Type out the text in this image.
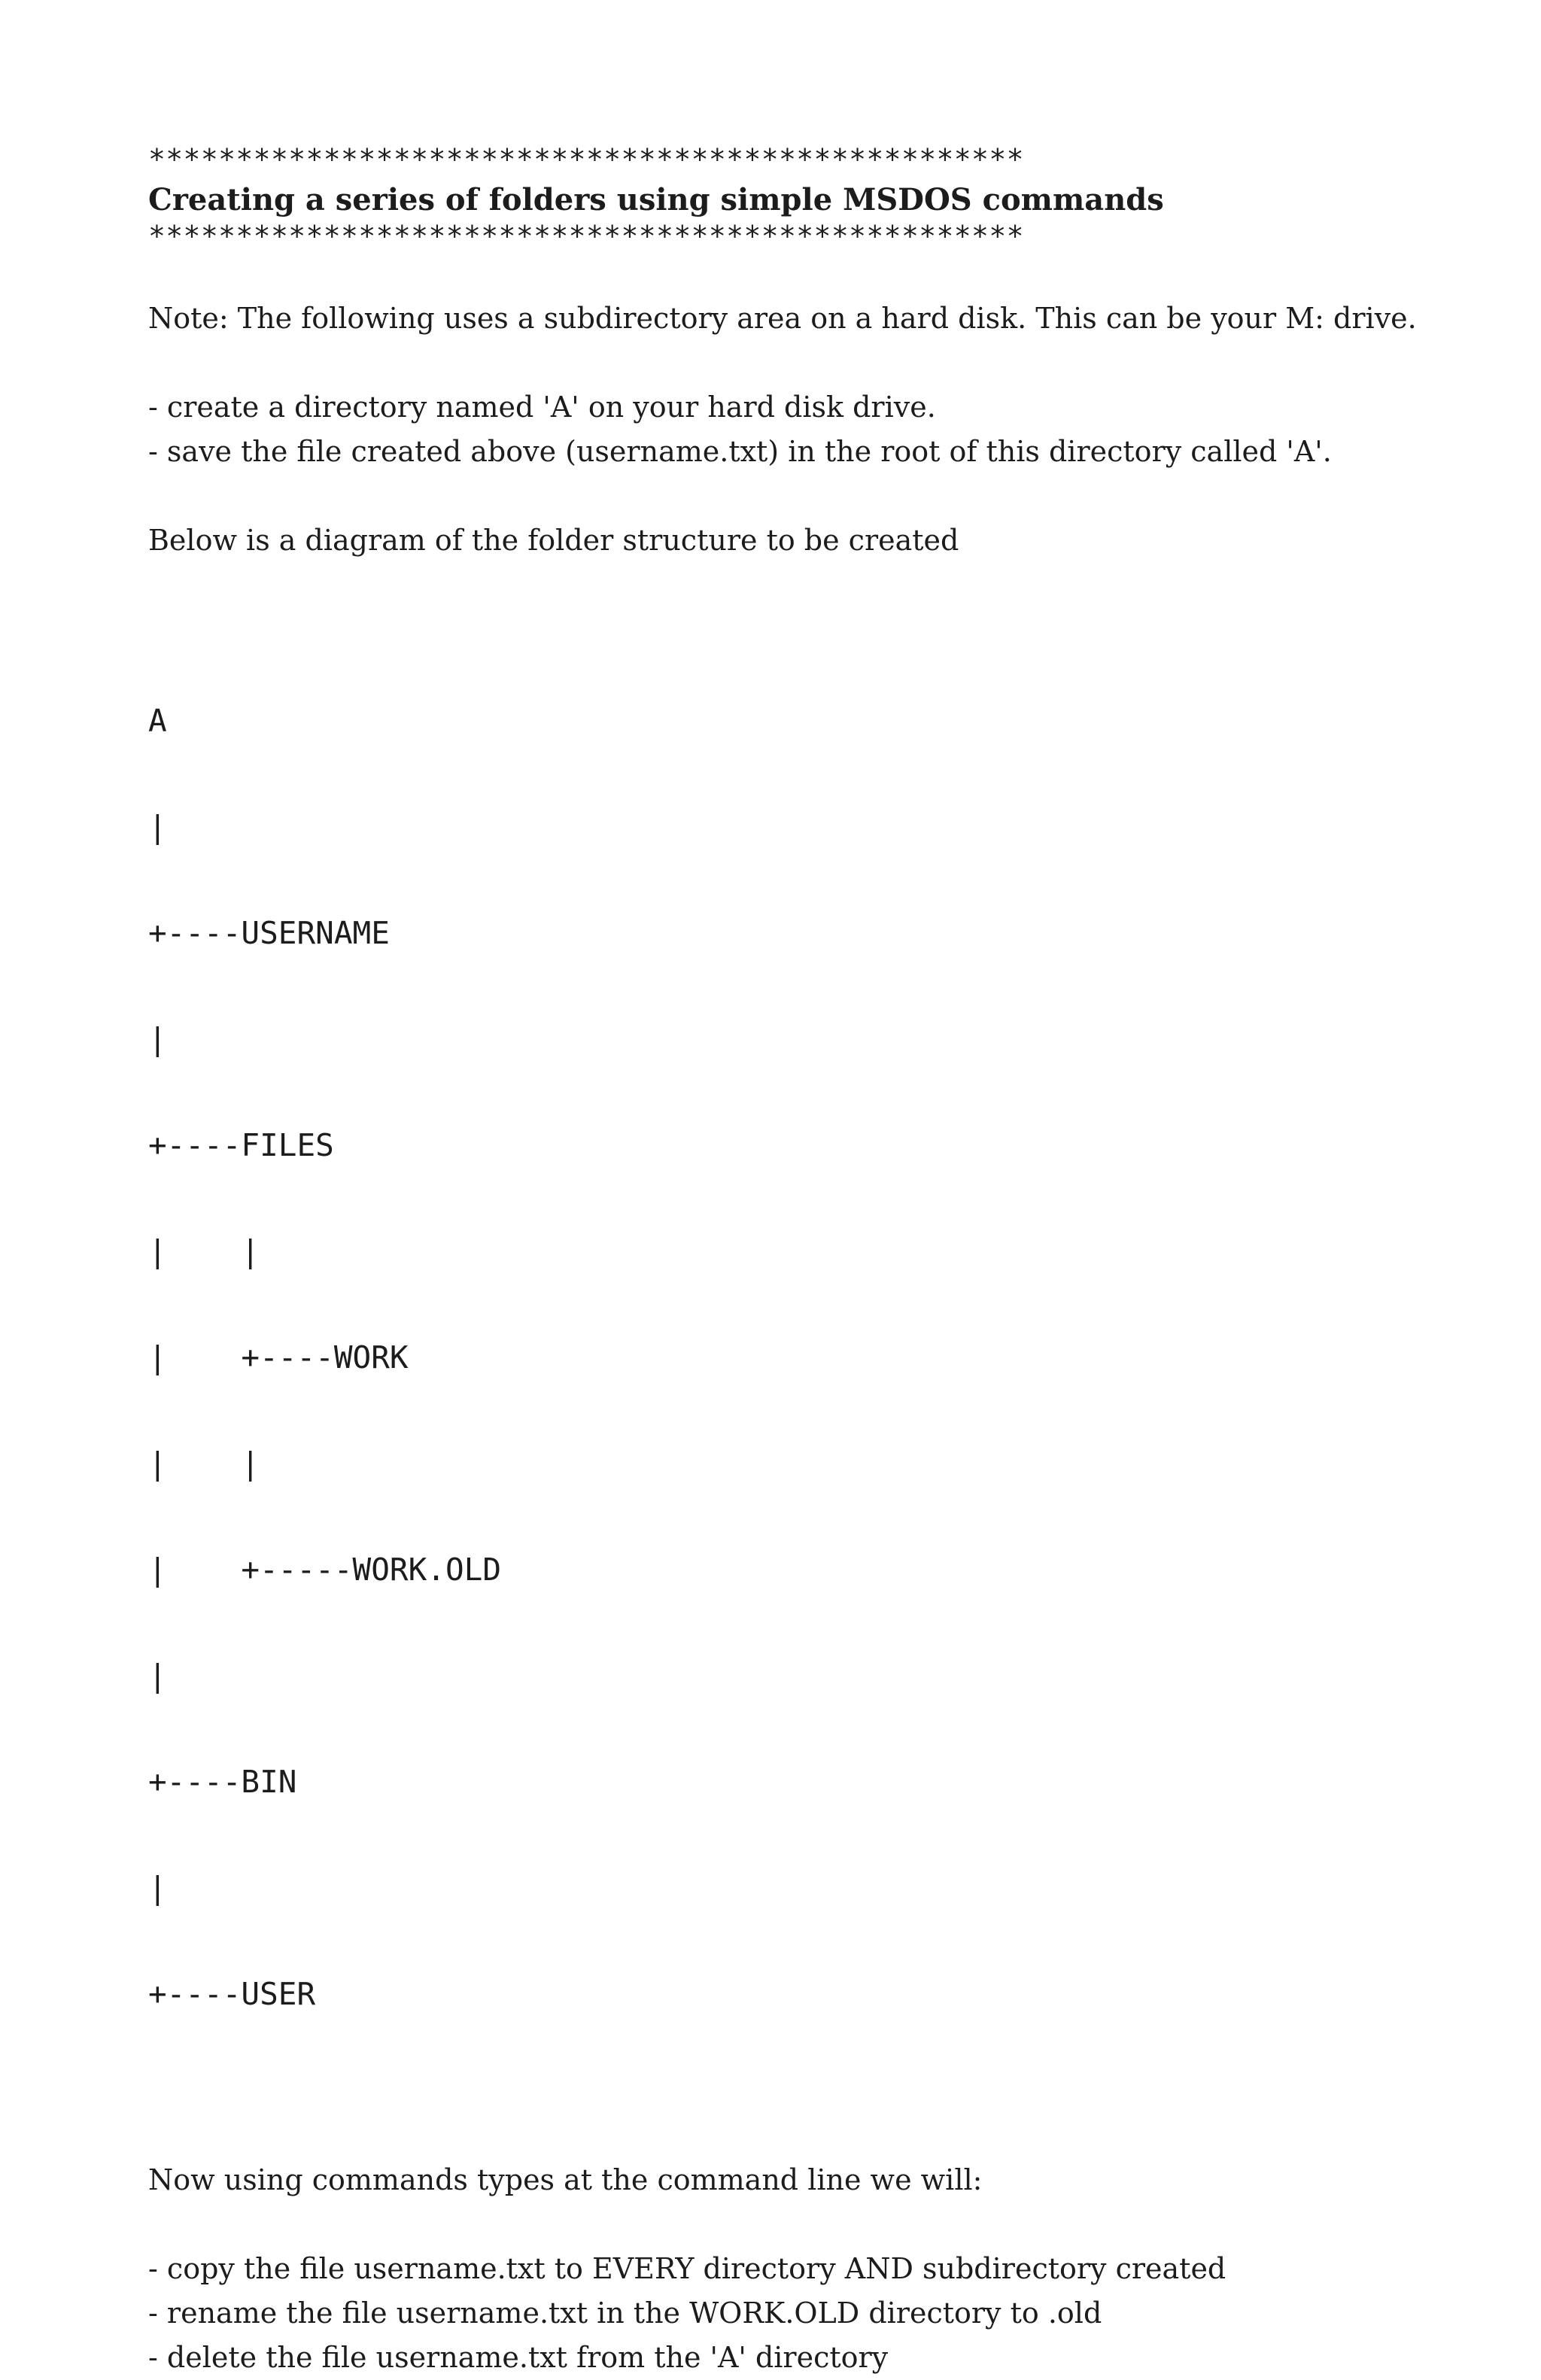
**************************************************
Creating a series of folders using simple MSDOS commands
**************************************************

Note: The following uses a subdirectory area on a hard disk. This can be your M: drive.

- create a directory named 'A' on your hard disk drive.

- save the file created above (username.txt) in the root of this directory called 'A'.

Below is a diagram of the folder structure to be created

A

|

+----USERNAME

|

+----FILES

|    |

|    +----WORK

|    |

|    +-----WORK.OLD

|

+----BIN

|

+----USER

Now using commands types at the command line we will:

- copy the file username.txt to EVERY directory AND subdirectory created

- rename the file username.txt in the WORK.OLD directory to .old

- delete the file username.txt from the 'A' directory
